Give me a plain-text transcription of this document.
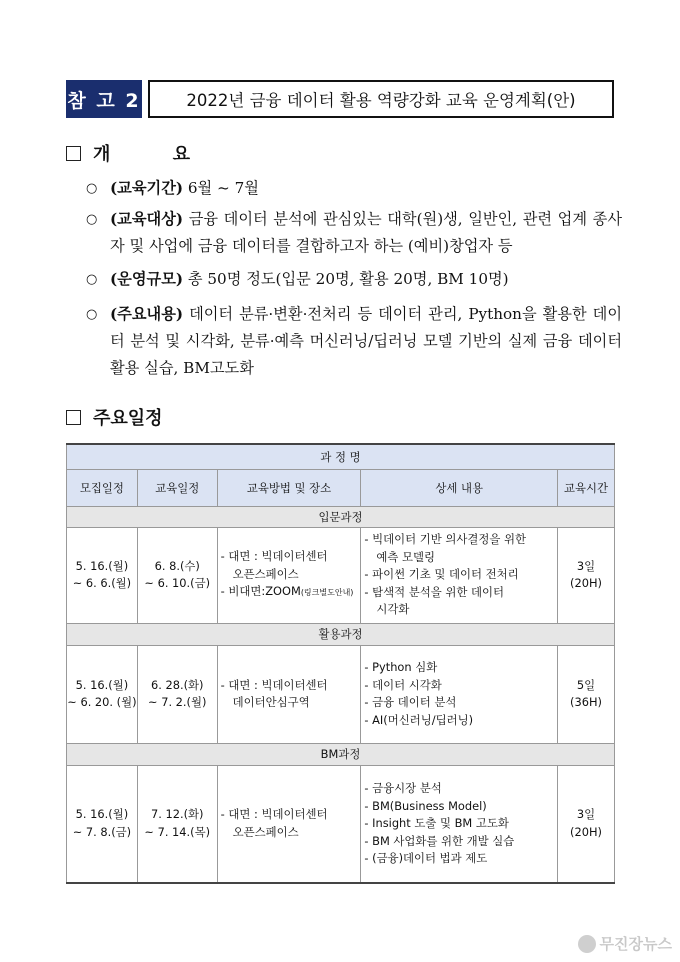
참 고 2	2022년 금융 데이터 활용 역량강화 교육 운영계획(안)
개 요
○ (교육기간) 6월 ~ 7월
○ (교육대상) 금융 데이터 분석에 관심있는 대학(원)생, 일반인, 관련 업계 종사자 및 사업에 금융 데이터를 결합하고자 하는 (예비)창업자 등
○ (운영규모) 총 50명 정도(입문 20명, 활용 20명, BM 10명)
○ (주요내용) 데이터 분류·변환·전처리 등 데이터 관리, Python을 활용한 데이터 분석 및 시각화, 분류·예측 머신러닝/딥러닝 모델 기반의 실제 금융 데이터 활용 실습, BM고도화
주요일정
과 정 명				
모집일정	교육일정	교육방법 및 장소	상세 내용	교육시간
입문과정				

5. 16.(월)
~ 6. 6.(월)	6. 8.(수)
~ 6. 10.(금)	- 대면 : 빅데이터센터
오픈스페이스
- 비대면:ZOOM(링크별도안내)	- 빅데이터 기반 의사결정을 위한
예측 모델링
- 파이썬 기초 및 데이터 전처리
- 탐색적 분석을 위한 데이터
시각화	3일
(20H)

활용과정				

5. 16.(월)
~ 6. 20. (월)	6. 28.(화)
~ 7. 2.(월)	- 대면 : 빅데이터센터
데이터안심구역	- Python 심화
- 데이터 시각화
- 금융 데이터 분석
- AI(머신러닝/딥러닝)	5일
(36H)

BM과정				

5. 16.(월)
~ 7. 8.(금)	7. 12.(화)
~ 7. 14.(목)	- 대면 : 빅데이터센터
오픈스페이스	- 금융시장 분석
- BM(Business Model)
- Insight 도출 및 BM 고도화
- BM 사업화를 위한 개발 실습
- (금융)데이터 법과 제도	3일
(20H)
무진장뉴스
